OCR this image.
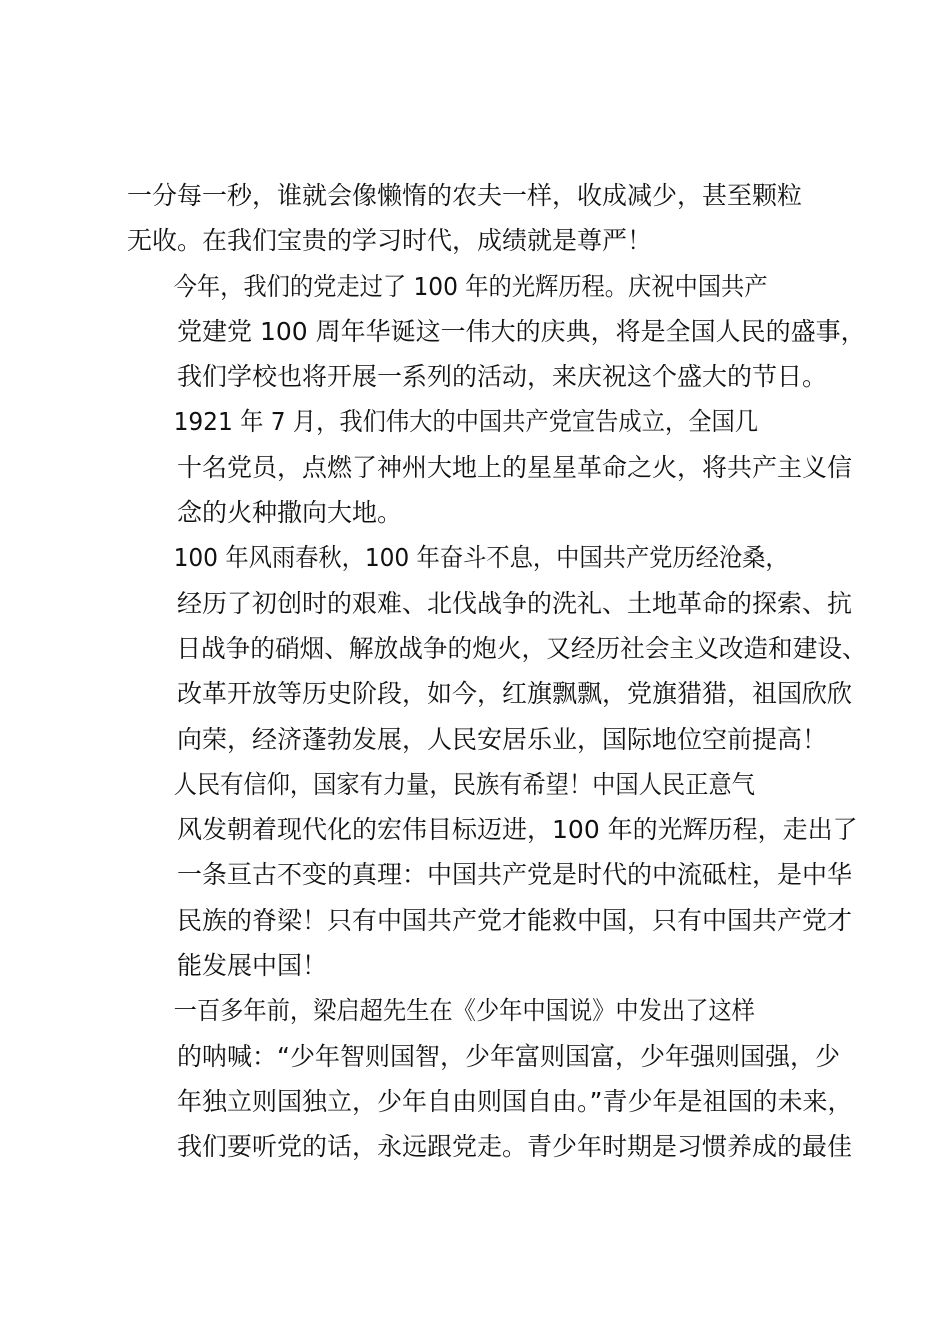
一分每一秒，谁就会像懒惰的农夫一样，收成减少，甚至颗粒
无收。在我们宝贵的学习时代，成绩就是尊严！
今年，我们的党走过了 100 年的光辉历程。庆祝中国共产
党建党 100 周年华诞这一伟大的庆典，将是全国人民的盛事，
我们学校也将开展一系列的活动，来庆祝这个盛大的节日。
1921 年 7 月，我们伟大的中国共产党宣告成立，全国几
十名党员，点燃了神州大地上的星星革命之火，将共产主义信
念的火种撒向大地。
100 年风雨春秋，100 年奋斗不息，中国共产党历经沧桑，
经历了初创时的艰难、北伐战争的洗礼、土地革命的探索、抗
日战争的硝烟、解放战争的炮火，又经历社会主义改造和建设、
改革开放等历史阶段，如今，红旗飘飘，党旗猎猎，祖国欣欣
向荣，经济蓬勃发展，人民安居乐业，国际地位空前提高！
人民有信仰，国家有力量，民族有希望！中国人民正意气
风发朝着现代化的宏伟目标迈进，100 年的光辉历程，走出了
一条亘古不变的真理：中国共产党是时代的中流砥柱，是中华
民族的脊梁！只有中国共产党才能救中国，只有中国共产党才
能发展中国！
一百多年前，梁启超先生在《少年中国说》中发出了这样
的呐喊：“少年智则国智，少年富则国富，少年强则国强，少
年独立则国独立，少年自由则国自由。”青少年是祖国的未来，
我们要听党的话，永远跟党走。青少年时期是习惯养成的最佳
